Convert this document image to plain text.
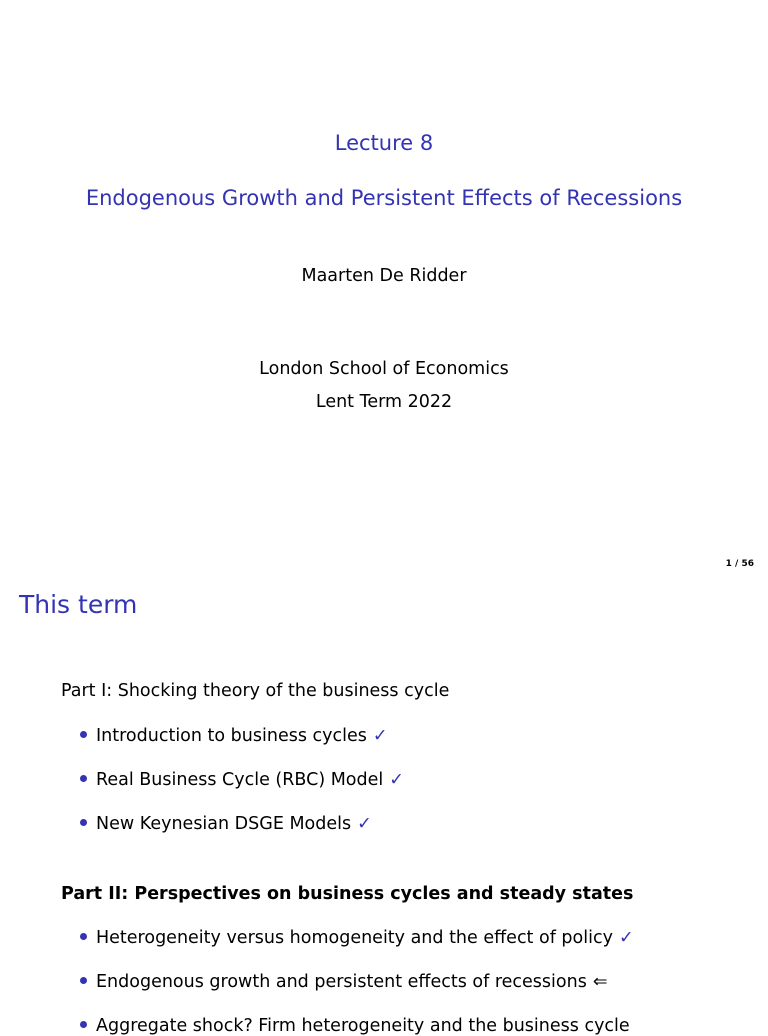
Lecture 8
Endogenous Growth and Persistent Effects of Recessions
Maarten De Ridder
London School of Economics
Lent Term 2022
1 / 56
This term
Part I: Shocking theory of the business cycle
Introduction to business cycles ✓
Real Business Cycle (RBC) Model ✓
New Keynesian DSGE Models ✓
Part II: Perspectives on business cycles and steady states
Heterogeneity versus homogeneity and the effect of policy ✓
Endogenous growth and persistent effects of recessions ⇐
Aggregate shock? Firm heterogeneity and the business cycle
